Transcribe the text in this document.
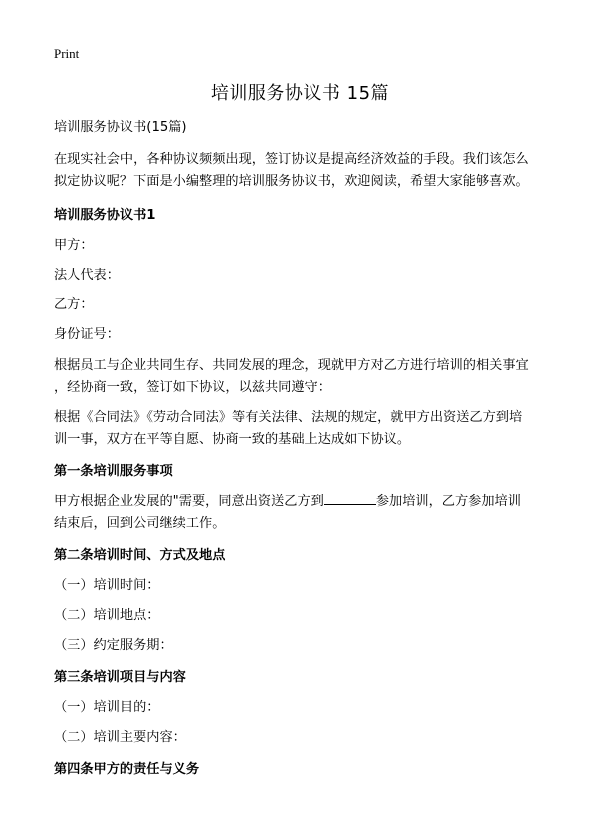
Print
培训服务协议书 15篇

培训服务协议书(15篇)

在现实社会中，各种协议频频出现，签订协议是提高经济效益的手段。我们该怎么

拟定协议呢？下面是小编整理的培训服务协议书，欢迎阅读，希望大家能够喜欢。

培训服务协议书1

甲方：

法人代表：

乙方：

身份证号：

根据员工与企业共同生存、共同发展的理念，现就甲方对乙方进行培训的相关事宜

，经协商一致，签订如下协议，以兹共同遵守：

根据《合同法》《劳动合同法》等有关法律、法规的规定，就甲方出资送乙方到培

训一事，双方在平等自愿、协商一致的基础上达成如下协议。

第一条培训服务事项

甲方根据企业发展的"需要，同意出资送乙方到	参加培训，乙方参加培训

结束后，回到公司继续工作。

第二条培训时间、方式及地点

（一）培训时间：

（二）培训地点：

（三）约定服务期：

第三条培训项目与内容

（一）培训目的：

（二）培训主要内容：

第四条甲方的责任与义务
